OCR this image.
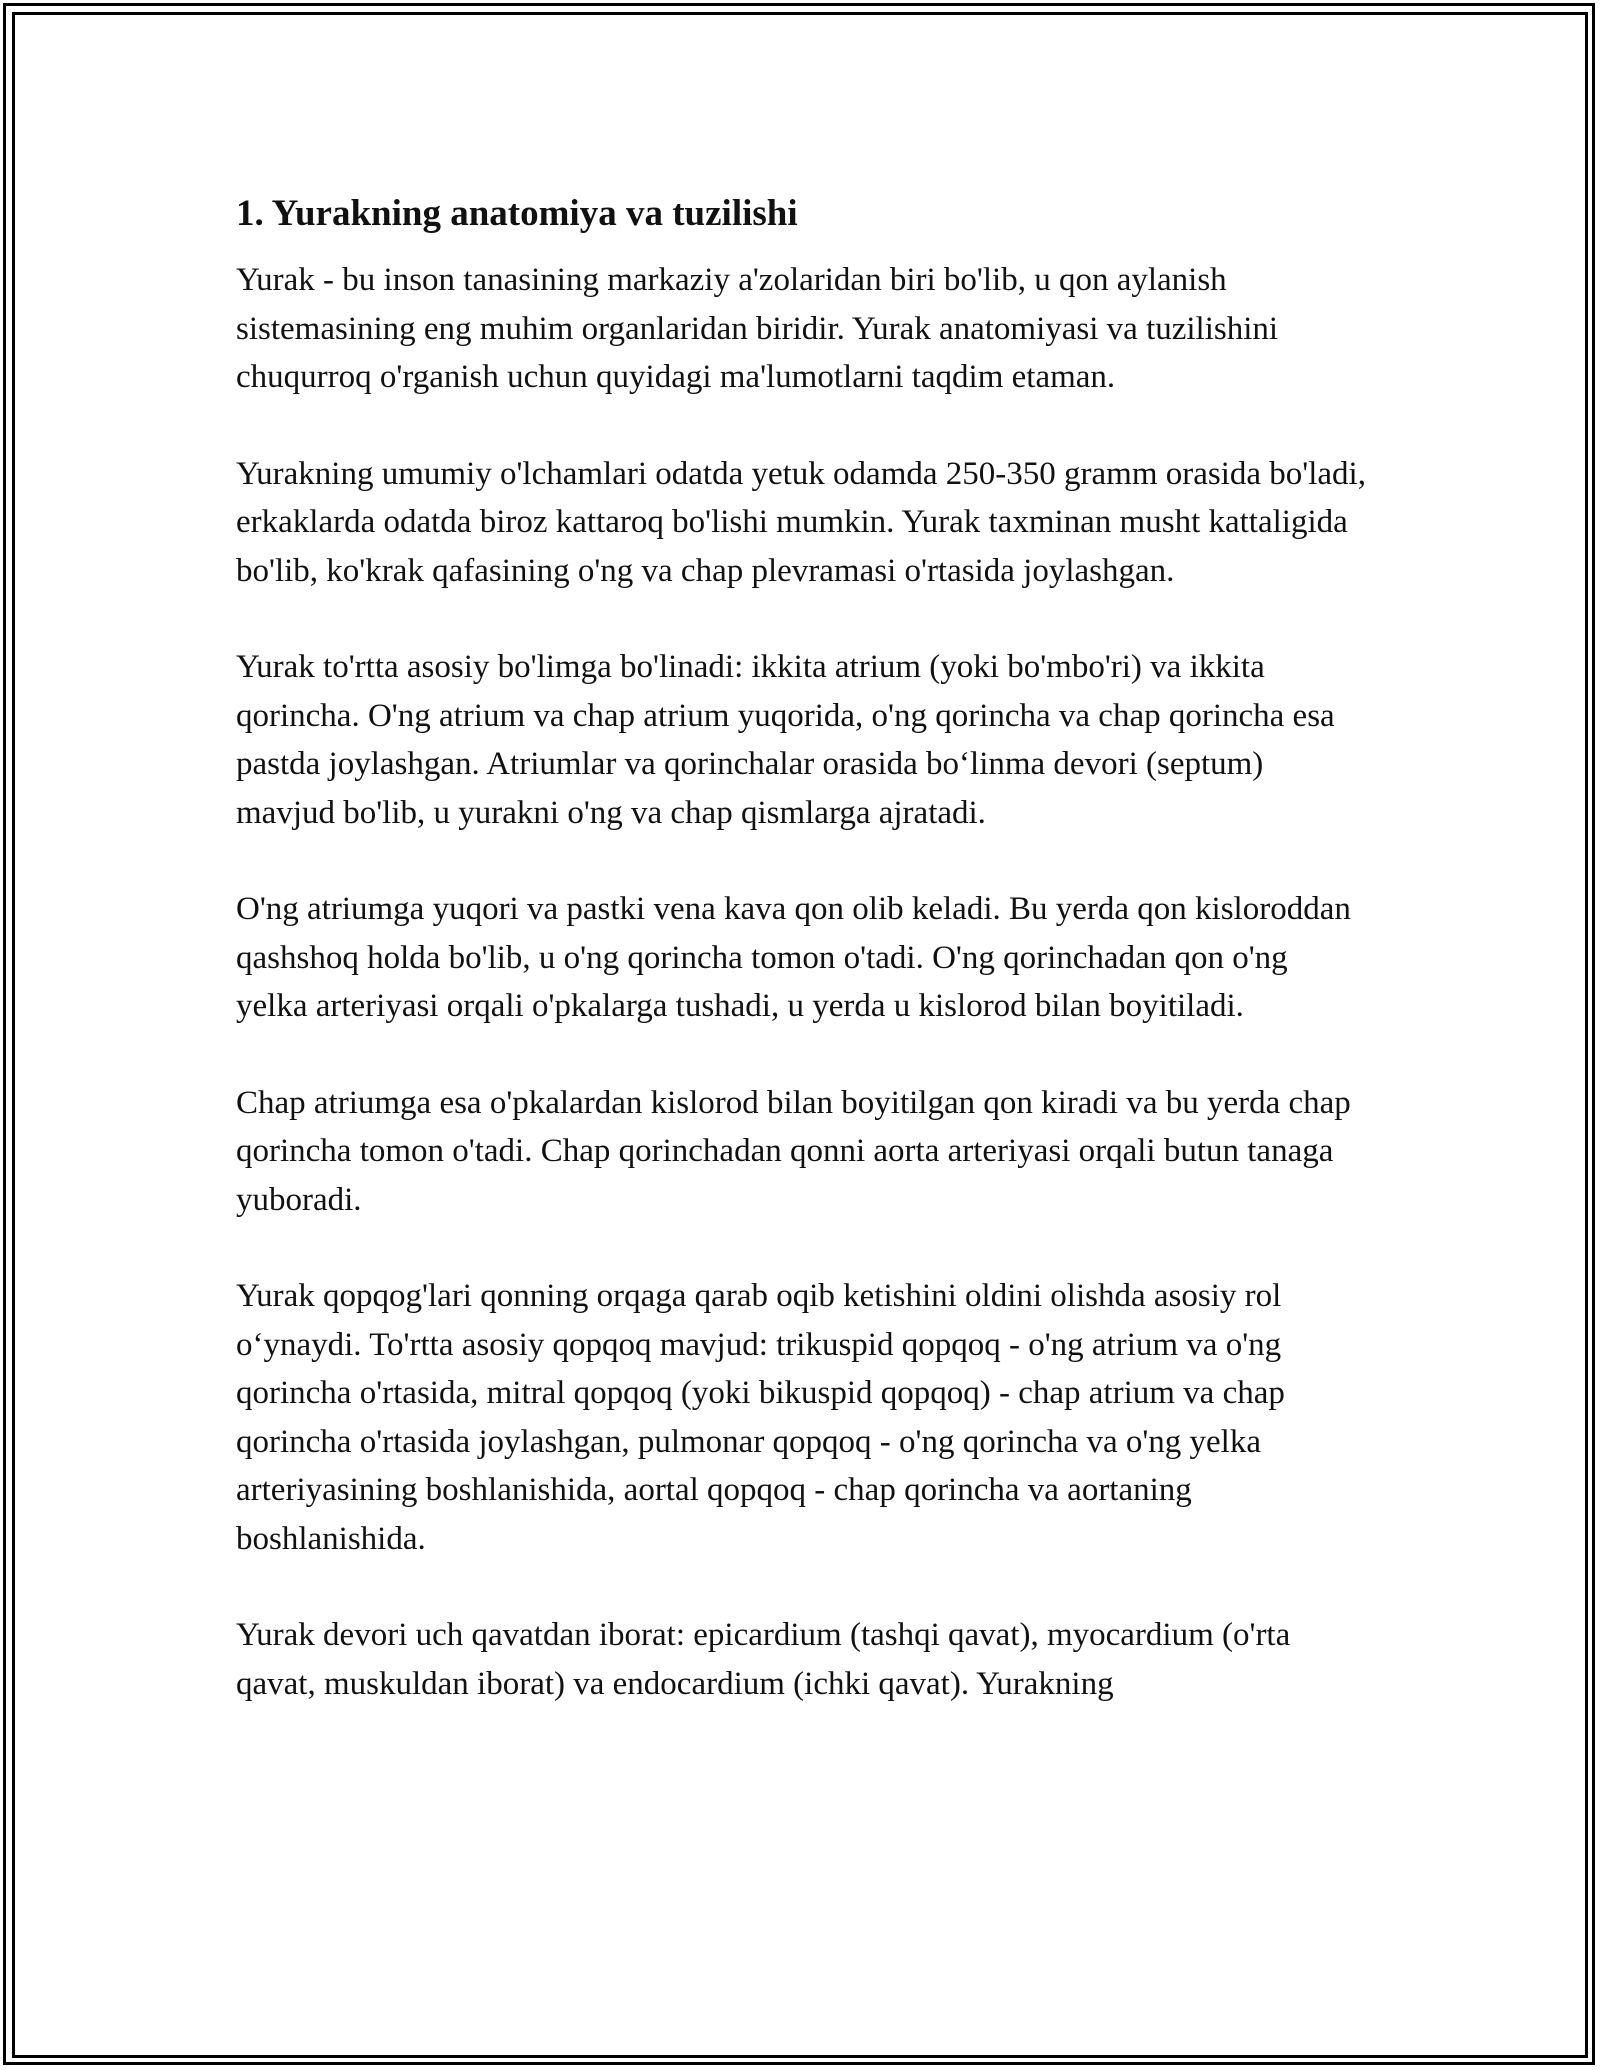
1. Yurakning anatomiya va tuzilishi

Yurak - bu inson tanasining markaziy a'zolaridan biri bo'lib, u qon aylanish sistemasining eng muhim organlaridan biridir. Yurak anatomiyasi va tuzilishini chuqurroq o'rganish uchun quyidagi ma'lumotlarni taqdim etaman.

Yurakning umumiy o'lchamlari odatda yetuk odamda 250-350 gramm orasida bo'ladi, erkaklarda odatda biroz kattaroq bo'lishi mumkin. Yurak taxminan musht kattaligida bo'lib, ko'krak qafasining o'ng va chap plevramasi o'rtasida joylashgan.

Yurak to'rtta asosiy bo'limga bo'linadi: ikkita atrium (yoki bo'mbo'ri) va ikkita qorincha. O'ng atrium va chap atrium yuqorida, o'ng qorincha va chap qorincha esa pastda joylashgan. Atriumlar va qorinchalar orasida bo‘linma devori (septum) mavjud bo'lib, u yurakni o'ng va chap qismlarga ajratadi.

O'ng atriumga yuqori va pastki vena kava qon olib keladi. Bu yerda qon kisloroddan qashshoq holda bo'lib, u o'ng qorincha tomon o'tadi. O'ng qorinchadan qon o'ng yelka arteriyasi orqali o'pkalarga tushadi, u yerda u kislorod bilan boyitiladi.

Chap atriumga esa o'pkalardan kislorod bilan boyitilgan qon kiradi va bu yerda chap qorincha tomon o'tadi. Chap qorinchadan qonni aorta arteriyasi orqali butun tanaga yuboradi.

Yurak qopqog'lari qonning orqaga qarab oqib ketishini oldini olishda asosiy rol o‘ynaydi. To'rtta asosiy qopqoq mavjud: trikuspid qopqoq - o'ng atrium va o'ng qorincha o'rtasida, mitral qopqoq (yoki bikuspid qopqoq) - chap atrium va chap qorincha o'rtasida joylashgan, pulmonar qopqoq - o'ng qorincha va o'ng yelka arteriyasining boshlanishida, aortal qopqoq - chap qorincha va aortaning boshlanishida.

Yurak devori uch qavatdan iborat: epicardium (tashqi qavat), myocardium (o'rta qavat, muskuldan iborat) va endocardium (ichki qavat). Yurakning
